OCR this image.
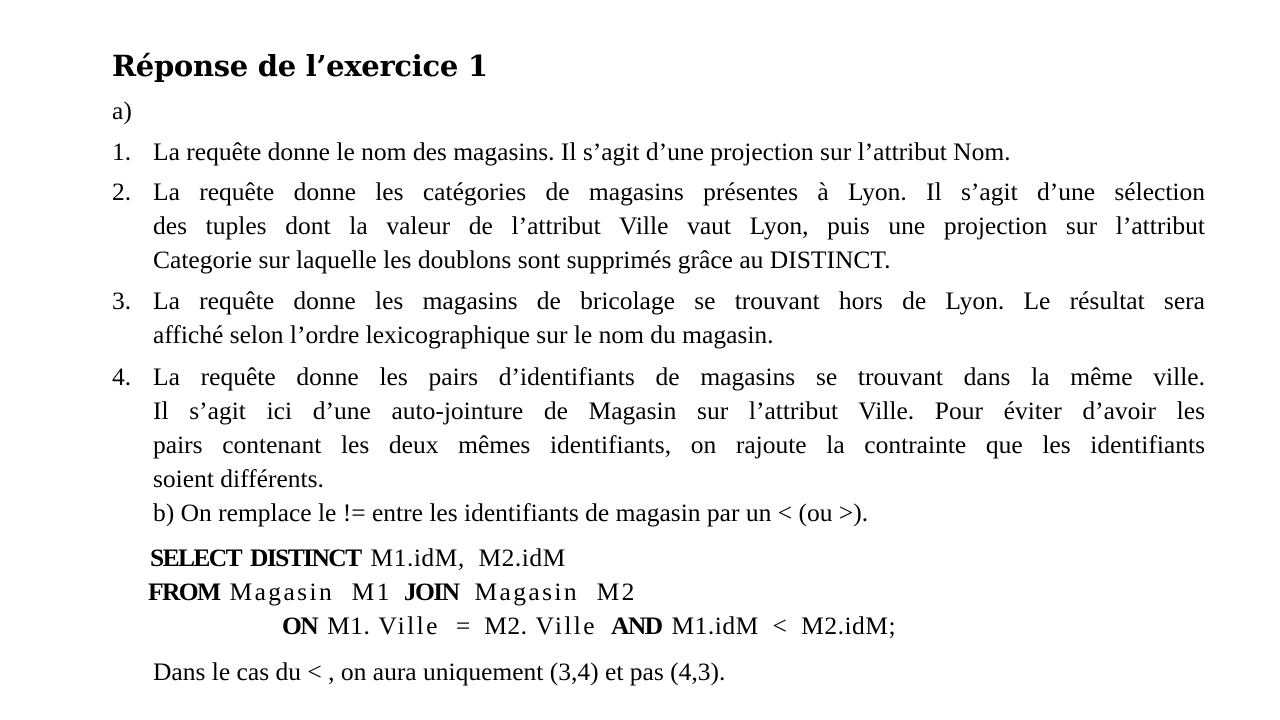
Réponse de l’exercice 1
a)
1. La requête donne le nom des magasins. Il s’agit d’une projection sur l’attribut Nom.
2. La requête donne les catégories de magasins présentes à Lyon. Il s’agit d’une sélection
des tuples dont la valeur de l’attribut Ville vaut Lyon, puis une projection sur l’attribut
Categorie sur laquelle les doublons sont supprimés grâce au DISTINCT.
3. La requête donne les magasins de bricolage se trouvant hors de Lyon. Le résultat sera
affiché selon l’ordre lexicographique sur le nom du magasin.
4. La requête donne les pairs d’identifiants de magasins se trouvant dans la même ville.
Il s’agit ici d’une auto-jointure de Magasin sur l’attribut Ville. Pour éviter d’avoir les
pairs contenant les deux mêmes identifiants, on rajoute la contrainte que les identifiants
soient différents.
b) On remplace le != entre les identifiants de magasin par un < (ou >).
SELECT DISTINCT M1.idM,  M2.idM
FROM Magasin  M1 JOIN Magasin  M2
ON M1. Ville = M2. Ville AND M1.idM  <  M2.idM;
Dans le cas du < , on aura uniquement (3,4) et pas (4,3).
